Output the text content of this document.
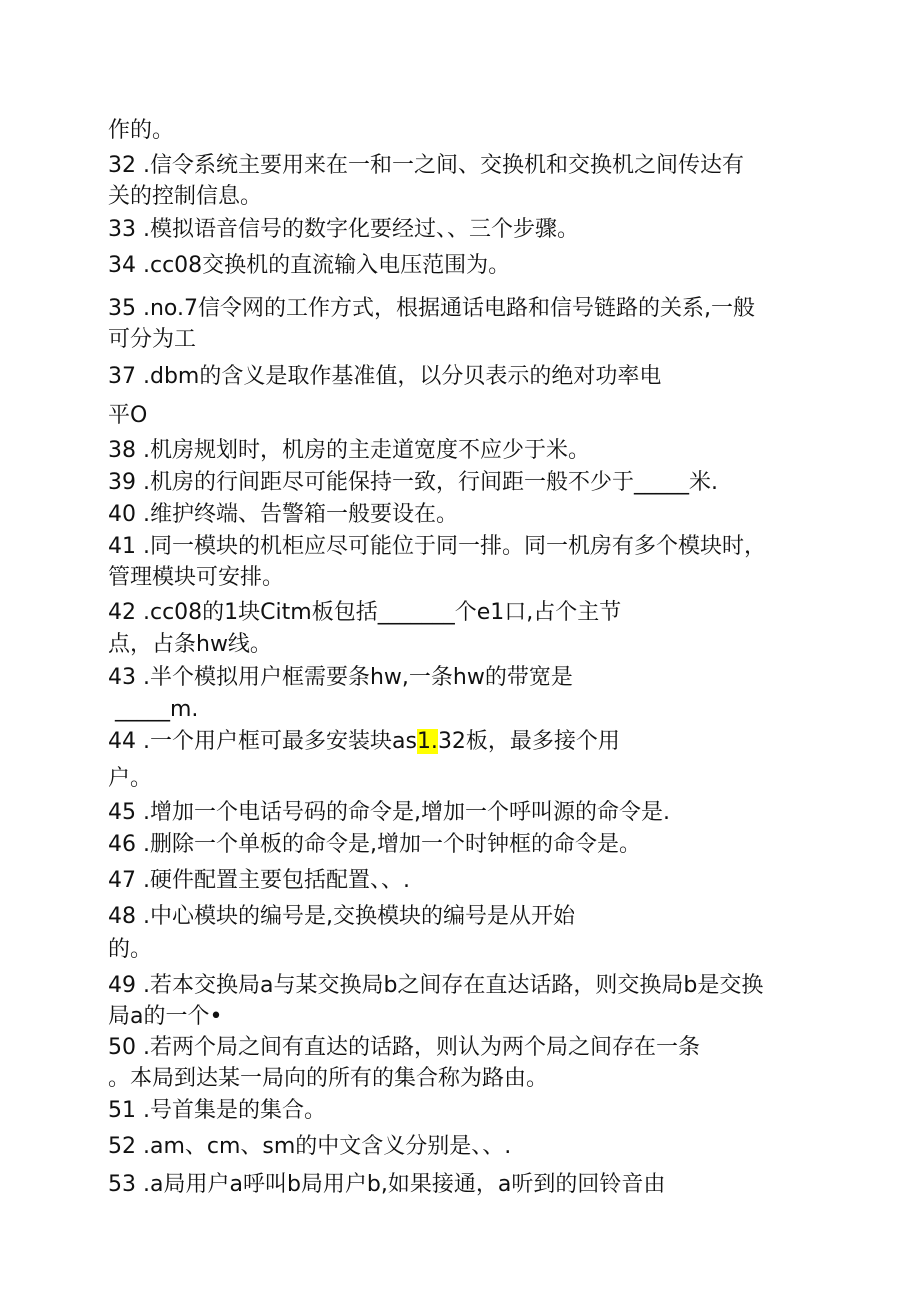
作的。
32 .信令系统主要用来在一和一之间、交换机和交换机之间传达有
关的控制信息。
33 .模拟语音信号的数字化要经过、、三个步骤。
34 .cc08交换机的直流输入电压范围为。
35 .no.7信令网的工作方式，根据通话电路和信号链路的关系,一般
可分为工
37 .dbm的含义是取作基准值，以分贝表示的绝对功率电
平O
38 .机房规划时，机房的主走道宽度不应少于米。
39 .机房的行间距尽可能保持一致，行间距一般不少于_____米.
40 .维护终端、告警箱一般要设在。
41 .同一模块的机柜应尽可能位于同一排。同一机房有多个模块时，
管理模块可安排。
42 .cc08的1块Citm板包括_______个e1口,占个主节
点，占条hw线。
43 .半个模拟用户框需要条hw,一条hw的带宽是
_____m.
44 .一个用户框可最多安装块as1.32板，最多接个用
户。
45 .增加一个电话号码的命令是,增加一个呼叫源的命令是.
46 .删除一个单板的命令是,增加一个时钟框的命令是。
47 .硬件配置主要包括配置、、.
48 .中心模块的编号是,交换模块的编号是从开始
的。
49 .若本交换局a与某交换局b之间存在直达话路，则交换局b是交换
局a的一个•
50 .若两个局之间有直达的话路，则认为两个局之间存在一条
。本局到达某一局向的所有的集合称为路由。
51 .号首集是的集合。
52 .am、cm、sm的中文含义分别是、、.
53 .a局用户a呼叫b局用户b,如果接通，a听到的回铃音由
